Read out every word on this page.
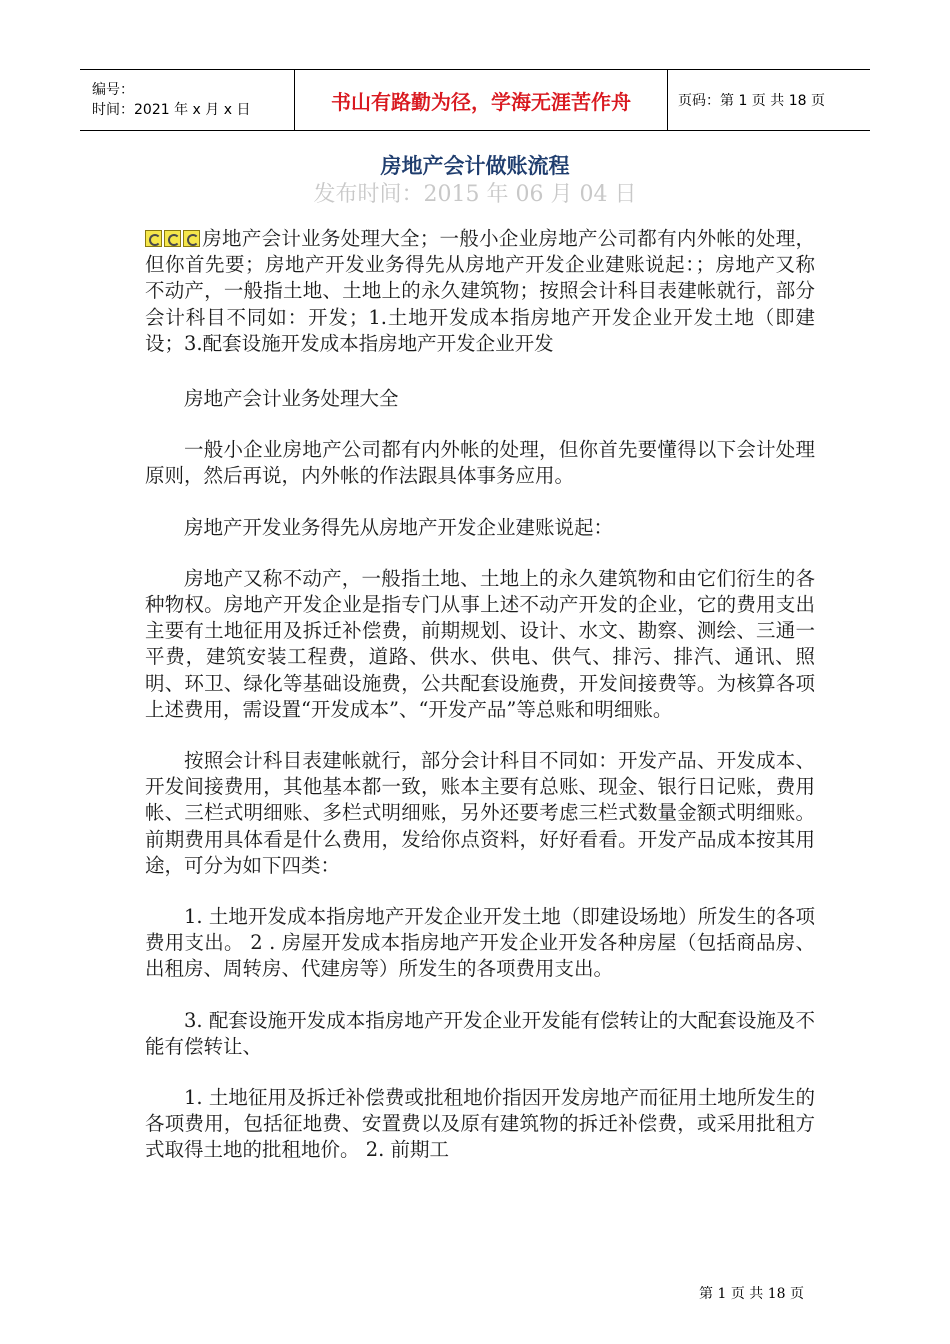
编号：
时间：2021 年 x 月 x 日	书山有路勤为径，学海无涯苦作舟	页码：第 1 页 共 18 页
房地产会计做账流程
发布时间：2015 年 06 月 04 日

房地产会计业务处理大全；一般小企业房地产公司都有内外帐的处理，但你首先要；房地产开发业务得先从房地产开发企业建账说起：；房地产又称不动产，一般指土地、土地上的永久建筑物；按照会计科目表建帐就行，部分会计科目不同如：开发；1.土地开发成本指房地产开发企业开发土地（即建设；3.配套设施开发成本指房地产开发企业开发

房地产会计业务处理大全

一般小企业房地产公司都有内外帐的处理，但你首先要懂得以下会计处理原则，然后再说，内外帐的作法跟具体事务应用。

房地产开发业务得先从房地产开发企业建账说起：

房地产又称不动产，一般指土地、土地上的永久建筑物和由它们衍生的各种物权。房地产开发企业是指专门从事上述不动产开发的企业，它的费用支出主要有土地征用及拆迁补偿费，前期规划、设计、水文、勘察、测绘、三通一平费，建筑安装工程费，道路、供水、供电、供气、排污、排汽、通讯、照明、环卫、绿化等基础设施费，公共配套设施费，开发间接费等。为核算各项上述费用，需设置“开发成本”、“开发产品”等总账和明细账。

按照会计科目表建帐就行，部分会计科目不同如：开发产品、开发成本、开发间接费用，其他基本都一致，账本主要有总账、现金、银行日记账，费用帐、三栏式明细账、多栏式明细账，另外还要考虑三栏式数量金额式明细账。前期费用具体看是什么费用，发给你点资料，好好看看。开发产品成本按其用途，可分为如下四类：

1. 土地开发成本指房地产开发企业开发土地（即建设场地）所发生的各项费用支出。 2 . 房屋开发成本指房地产开发企业开发各种房屋（包括商品房、出租房、周转房、代建房等）所发生的各项费用支出。

3. 配套设施开发成本指房地产开发企业开发能有偿转让的大配套设施及不能有偿转让、

1. 土地征用及拆迁补偿费或批租地价指因开发房地产而征用土地所发生的各项费用，包括征地费、安置费以及原有建筑物的拆迁补偿费，或采用批租方式取得土地的批租地价。 2. 前期工

第 1 页 共 18 页
